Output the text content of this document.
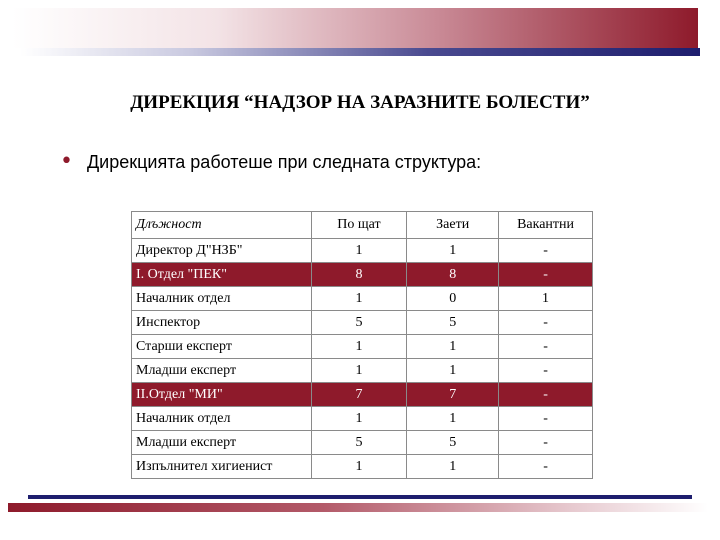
ДИРЕКЦИЯ “НАДЗОР НА ЗАРАЗНИТЕ БОЛЕСТИ”
• Дирекцията работеше при следната структура:
Длъжност	По щат	Заети	Вакантни
Директор Д"НЗБ"	1	1	-
I. Отдел "ПЕК"	8	8	-
Началник отдел	1	0	1
Инспектор	5	5	-
Старши експерт	1	1	-
Младши експерт	1	1	-
II.Отдел "МИ"	7	7	-
Началник отдел	1	1	-
Младши експерт	5	5	-
Изпълнител хигиенист	1	1	-
